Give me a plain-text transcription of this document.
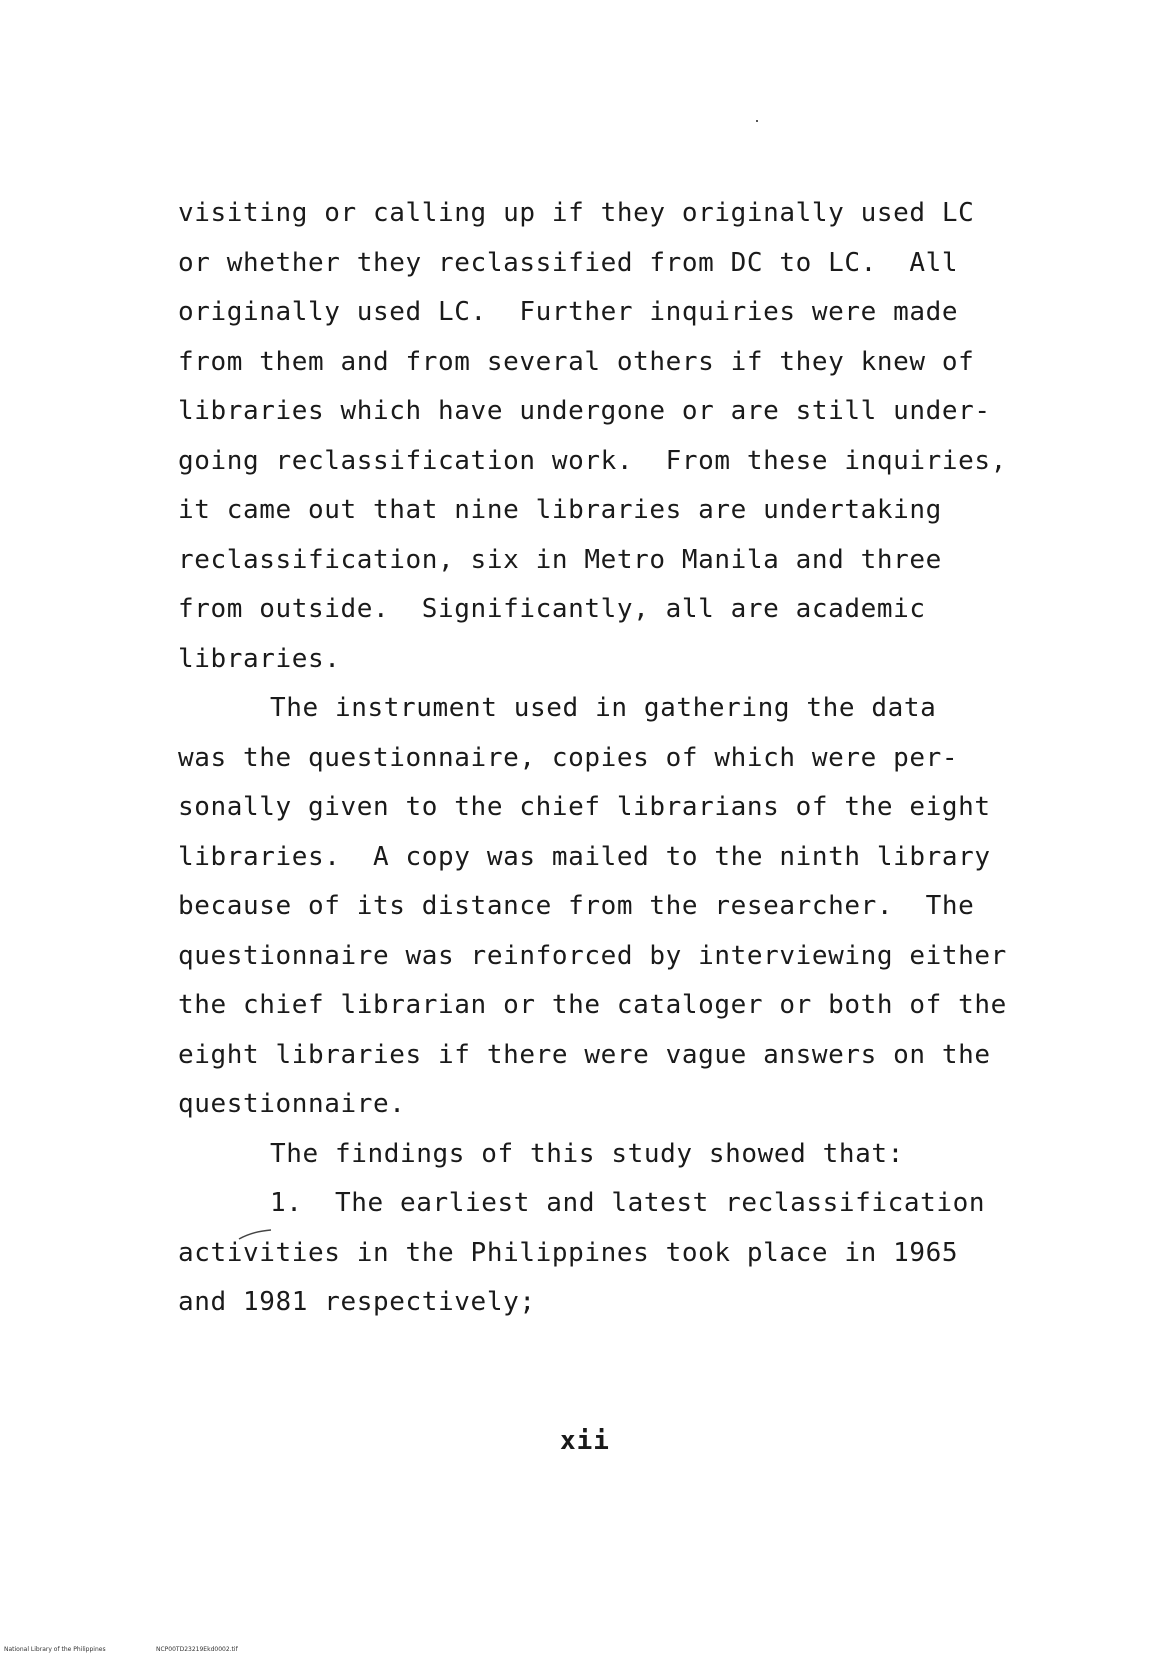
visiting or calling up if they originally used LC
or whether they reclassified from DC to LC.  All
originally used LC.  Further inquiries were made
from them and from several others if they knew of
libraries which have undergone or are still under-
going reclassification work.  From these inquiries,
it came out that nine libraries are undertaking
reclassification, six in Metro Manila and three
from outside.  Significantly, all are academic
libraries.
The instrument used in gathering the data
was the questionnaire, copies of which were per-
sonally given to the chief librarians of the eight
libraries.  A copy was mailed to the ninth library
because of its distance from the researcher.  The
questionnaire was reinforced by interviewing either
the chief librarian or the cataloger or both of the
eight libraries if there were vague answers on the
questionnaire.
The findings of this study showed that:
1.  The earliest and latest reclassification
activities in the Philippines took place in 1965
and 1981 respectively;
xii
National Library of the Philippines	NCP00TD23219Ekd0002.tif
